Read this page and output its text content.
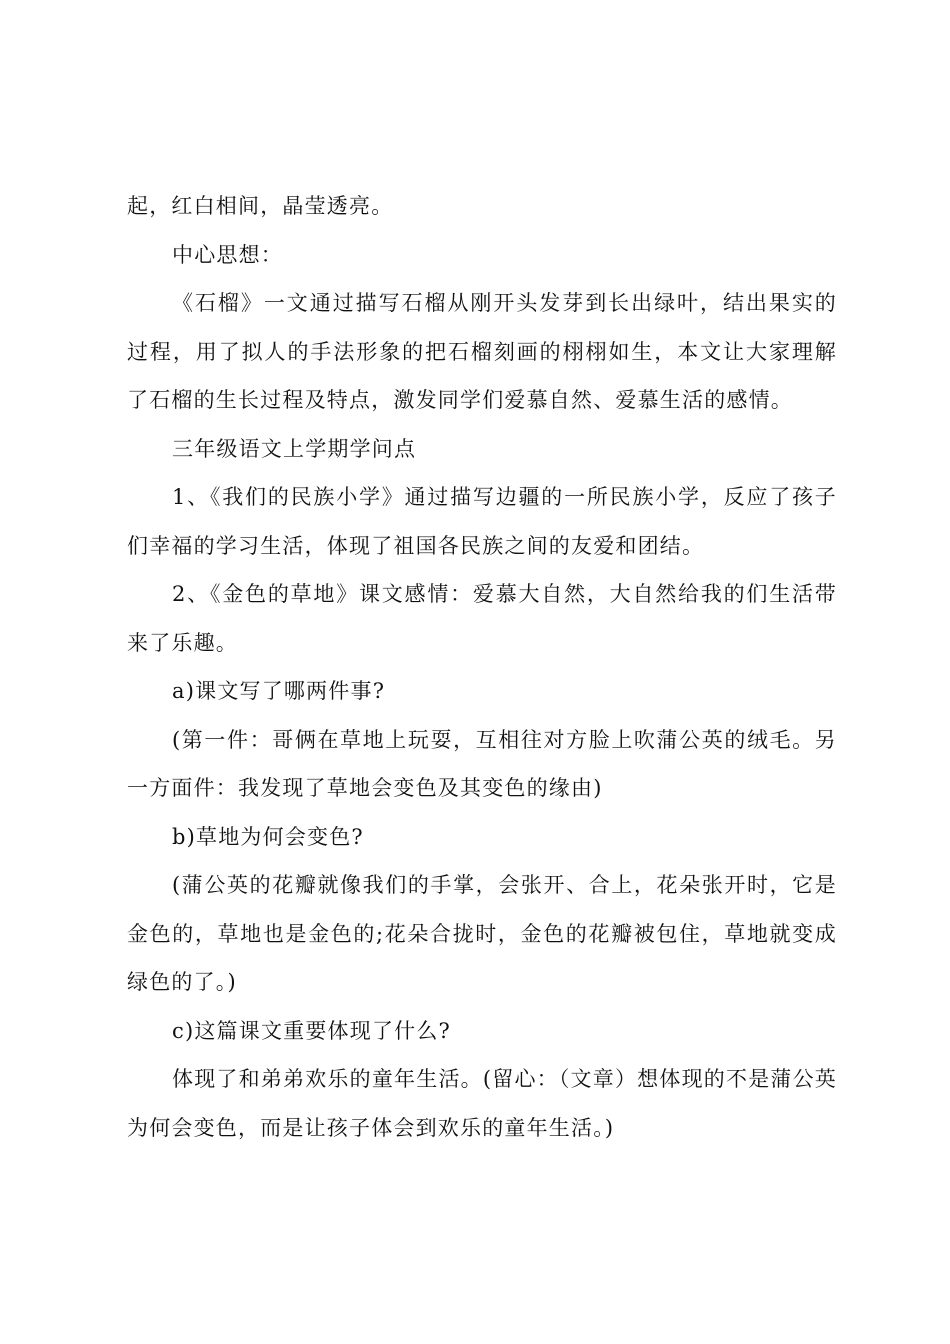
起，红白相间，晶莹透亮。

中心思想：

《石榴》一文通过描写石榴从刚开头发芽到长出绿叶，结出果实的过程，用了拟人的手法形象的把石榴刻画的栩栩如生，本文让大家理解了石榴的生长过程及特点，激发同学们爱慕自然、爱慕生活的感情。

三年级语文上学期学问点

1、《我们的民族小学》通过描写边疆的一所民族小学，反应了孩子们幸福的学习生活，体现了祖国各民族之间的友爱和团结。

2、《金色的草地》课文感情：爱慕大自然，大自然给我的们生活带来了乐趣。

a)课文写了哪两件事?

(第一件：哥俩在草地上玩耍，互相往对方脸上吹蒲公英的绒毛。另一方面件：我发现了草地会变色及其变色的缘由)

b)草地为何会变色?

(蒲公英的花瓣就像我们的手掌，会张开、合上，花朵张开时，它是金色的，草地也是金色的;花朵合拢时，金色的花瓣被包住，草地就变成绿色的了。)

c)这篇课文重要体现了什么?

体现了和弟弟欢乐的童年生活。(留心：（文章）想体现的不是蒲公英为何会变色，而是让孩子体会到欢乐的童年生活。)
